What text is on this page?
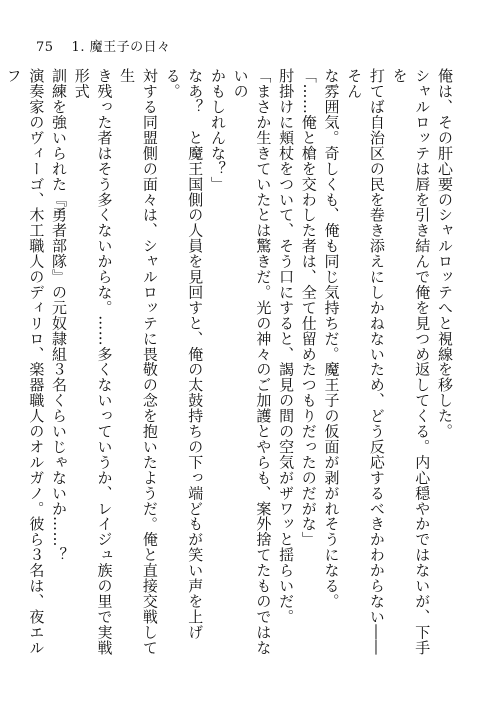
75 1. 魔王子の日々

俺は、その肝心要のシャルロッテへと視線を移した。

シャルロッテは唇を引き結んで俺を見つめ返してくる。内心穏やかではないが、下手を

打てば自治区の民を巻き添えにしかねないため、どう反応するべきかわからない――そん

な雰囲気。奇しくも、俺も同じ気持ちだ。魔王子の仮面が剥がれそうになる。

「……俺と槍を交わした者は、全て仕留めたつもりだったのだがな」

肘掛けに頬杖をついて、そう口にすると、謁見の間の空気がザワッと揺らいだ。

「まさか生きていたとは驚きだ。光の神々のご加護とやらも、案外捨てたものではないの

かもしれんな？」

なあ？　と魔王国側の人員を見回すと、俺の太鼓持ちの下っ端どもが笑い声を上げる。

対する同盟側の面々は、シャルロッテに畏敬の念を抱いたようだ。俺と直接交戦して生

き残った者はそう多くないからな。……多くないっていうか、レイジュ族の里で実戦形式

訓練を強いられた『勇者部隊』の元奴隷組３名くらいじゃないか……？

演奏家のヴィーゴ、木工職人のディリロ、楽器職人のオルガノ。彼ら３名は、夜エルフ
